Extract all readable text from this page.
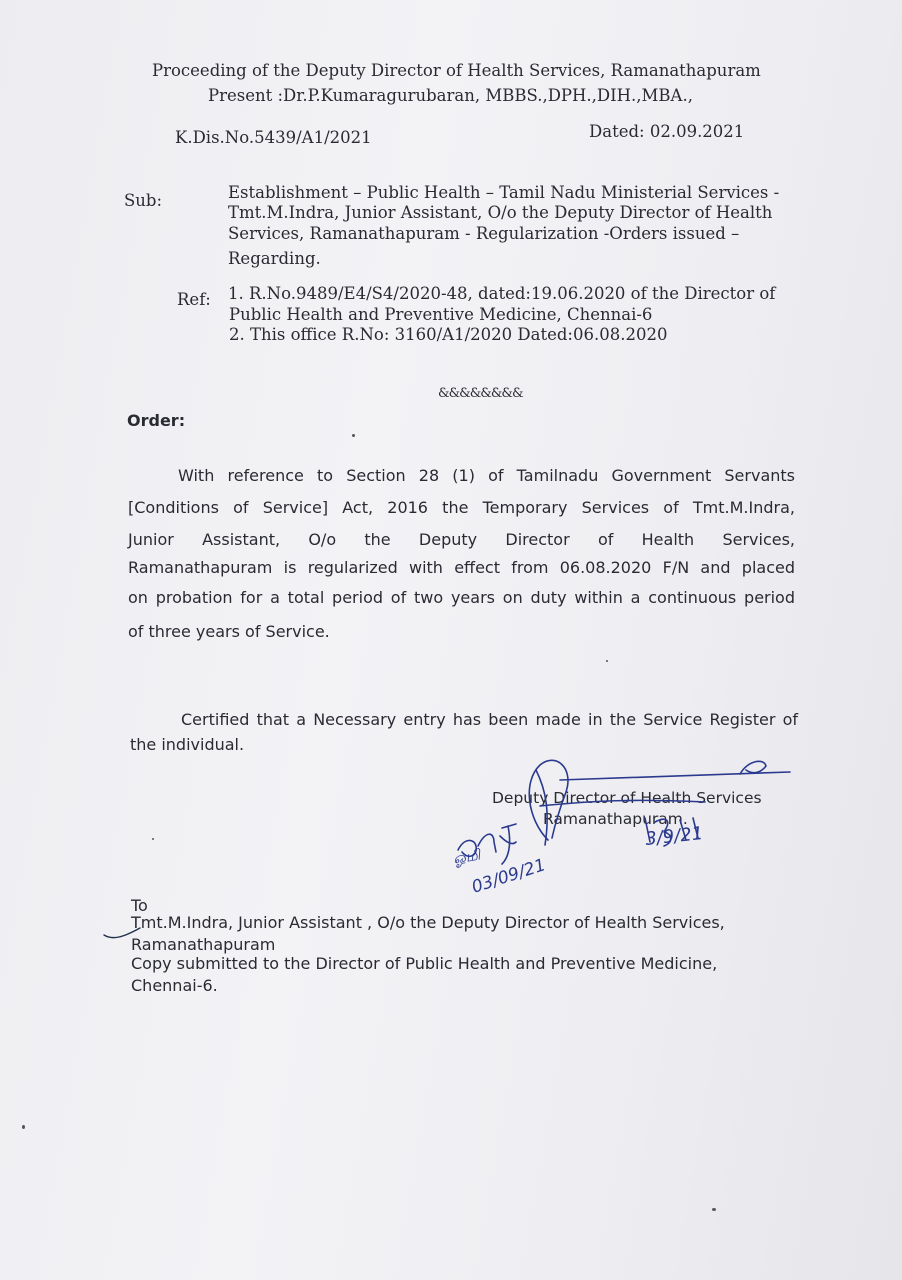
Proceeding of the Deputy Director of Health Services, Ramanathapuram
Present :Dr.P.Kumaragurubaran, MBBS.,DPH.,DIH.,MBA.,
K.Dis.No.5439/A1/2021	Dated: 02.09.2021
Sub:	Establishment – Public Health – Tamil Nadu Ministerial Services -
Tmt.M.Indra, Junior Assistant, O/o the Deputy Director of Health
Services, Ramanathapuram - Regularization -Orders issued –
Regarding.
Ref: 1. R.No.9489/E4/S4/2020-48, dated:19.06.2020 of the Director of
Public Health and Preventive Medicine, Chennai-6
2. This office R.No: 3160/A1/2020 Dated:06.08.2020
&&&&&&&&
Order:
With reference to Section 28 (1) of Tamilnadu Government Servants
[Conditions of Service] Act, 2016 the Temporary Services of Tmt.M.Indra,
Junior Assistant, O/o the Deputy Director of Health Services,
Ramanathapuram is regularized with effect from 06.08.2020 F/N and placed
on probation for a total period of two years on duty within a continuous period
of three years of Service.
Certified that a Necessary entry has been made in the Service Register of
the individual.
Deputy Director of Health Services
Ramanathapuram.
03/09/21
ஓமி
3/9/21
To
Tmt.M.Indra, Junior Assistant , O/o the Deputy Director of Health Services,
Ramanathapuram
Copy submitted to the Director of Public Health and Preventive Medicine,
Chennai-6.
